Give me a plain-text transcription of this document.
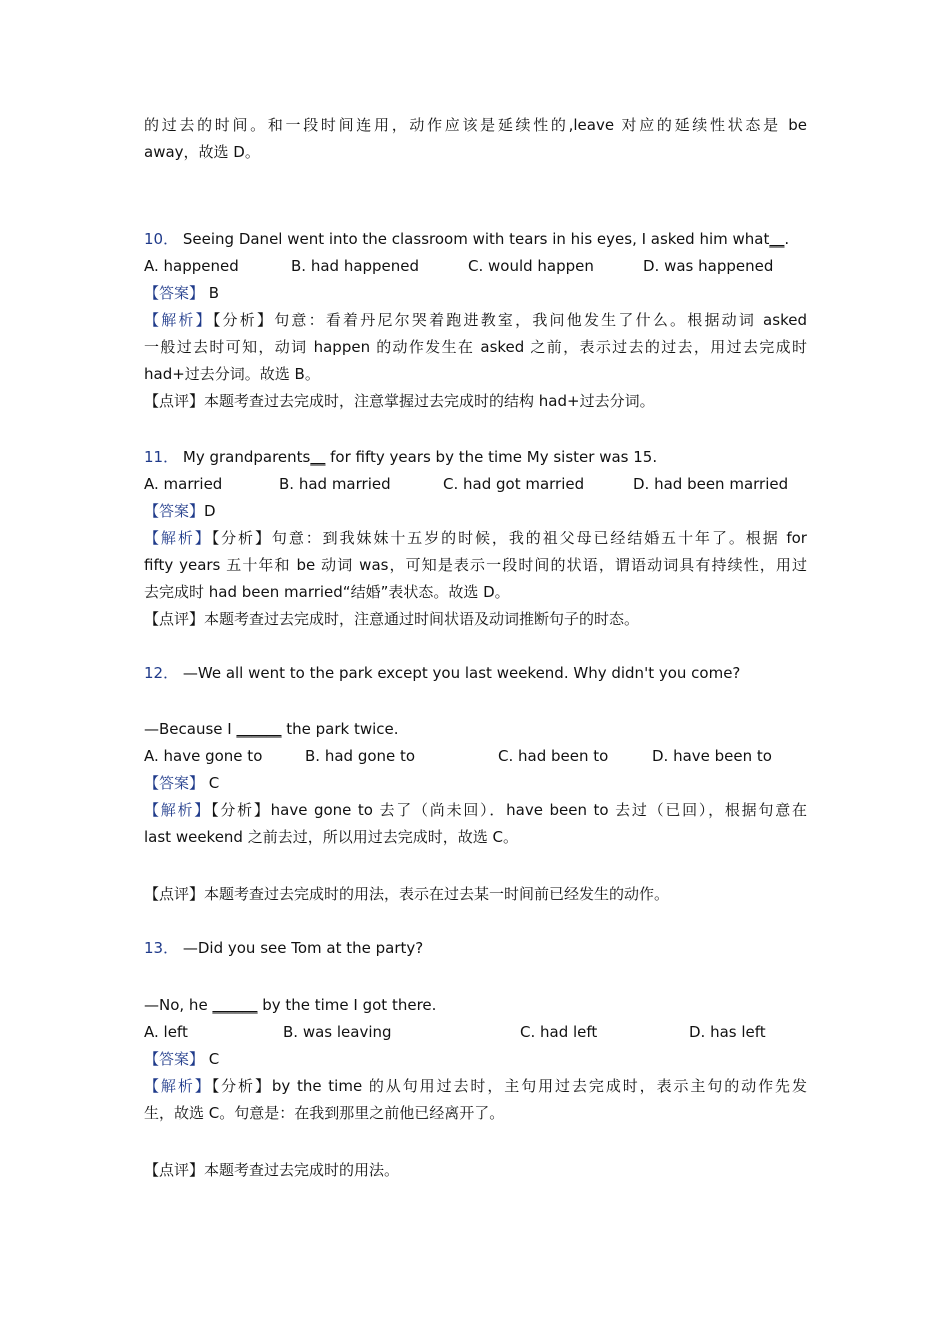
的过去的时间。和一段时间连用，动作应该是延续性的,leave 对应的延续性状态是 be
away，故选 D。
10． Seeing Danel went into the classroom with tears in his eyes, I asked him what__.
A. happened	B. had happened	C. would happen	D. was happened
【答案】 B
【解析】【分析】句意：看着丹尼尔哭着跑进教室，我问他发生了什么。根据动词 asked
一般过去时可知，动词 happen 的动作发生在 asked 之前，表示过去的过去，用过去完成时
had+过去分词。故选 B。
【点评】本题考查过去完成时，注意掌握过去完成时的结构 had+过去分词。
11． My grandparents__ for fifty years by the time My sister was 15.
A. married	B. had married	C. had got married	D. had been married
【答案】D
【解析】【分析】句意：到我妹妹十五岁的时候，我的祖父母已经结婚五十年了。根据 for
fifty years 五十年和 be 动词 was，可知是表示一段时间的状语，谓语动词具有持续性，用过
去完成时 had been married“结婚”表状态。故选 D。
【点评】本题考查过去完成时，注意通过时间状语及动词推断句子的时态。
12． —We all went to the park except you last weekend. Why didn't you come?
—Because I ______ the park twice.
A. have gone to	B. had gone to	C. had been to	D. have been to
【答案】 C
【解析】【分析】have gone to 去了（尚未回）．have been to 去过（已回），根据句意在
last weekend 之前去过，所以用过去完成时，故选 C。
【点评】本题考查过去完成时的用法，表示在过去某一时间前已经发生的动作。
13． —Did you see Tom at the party?
—No, he ______ by the time I got there.
A. left	B. was leaving	C. had left	D. has left
【答案】 C
【解析】【分析】by the time 的从句用过去时，主句用过去完成时，表示主句的动作先发
生，故选 C。句意是：在我到那里之前他已经离开了。
【点评】本题考查过去完成时的用法。
